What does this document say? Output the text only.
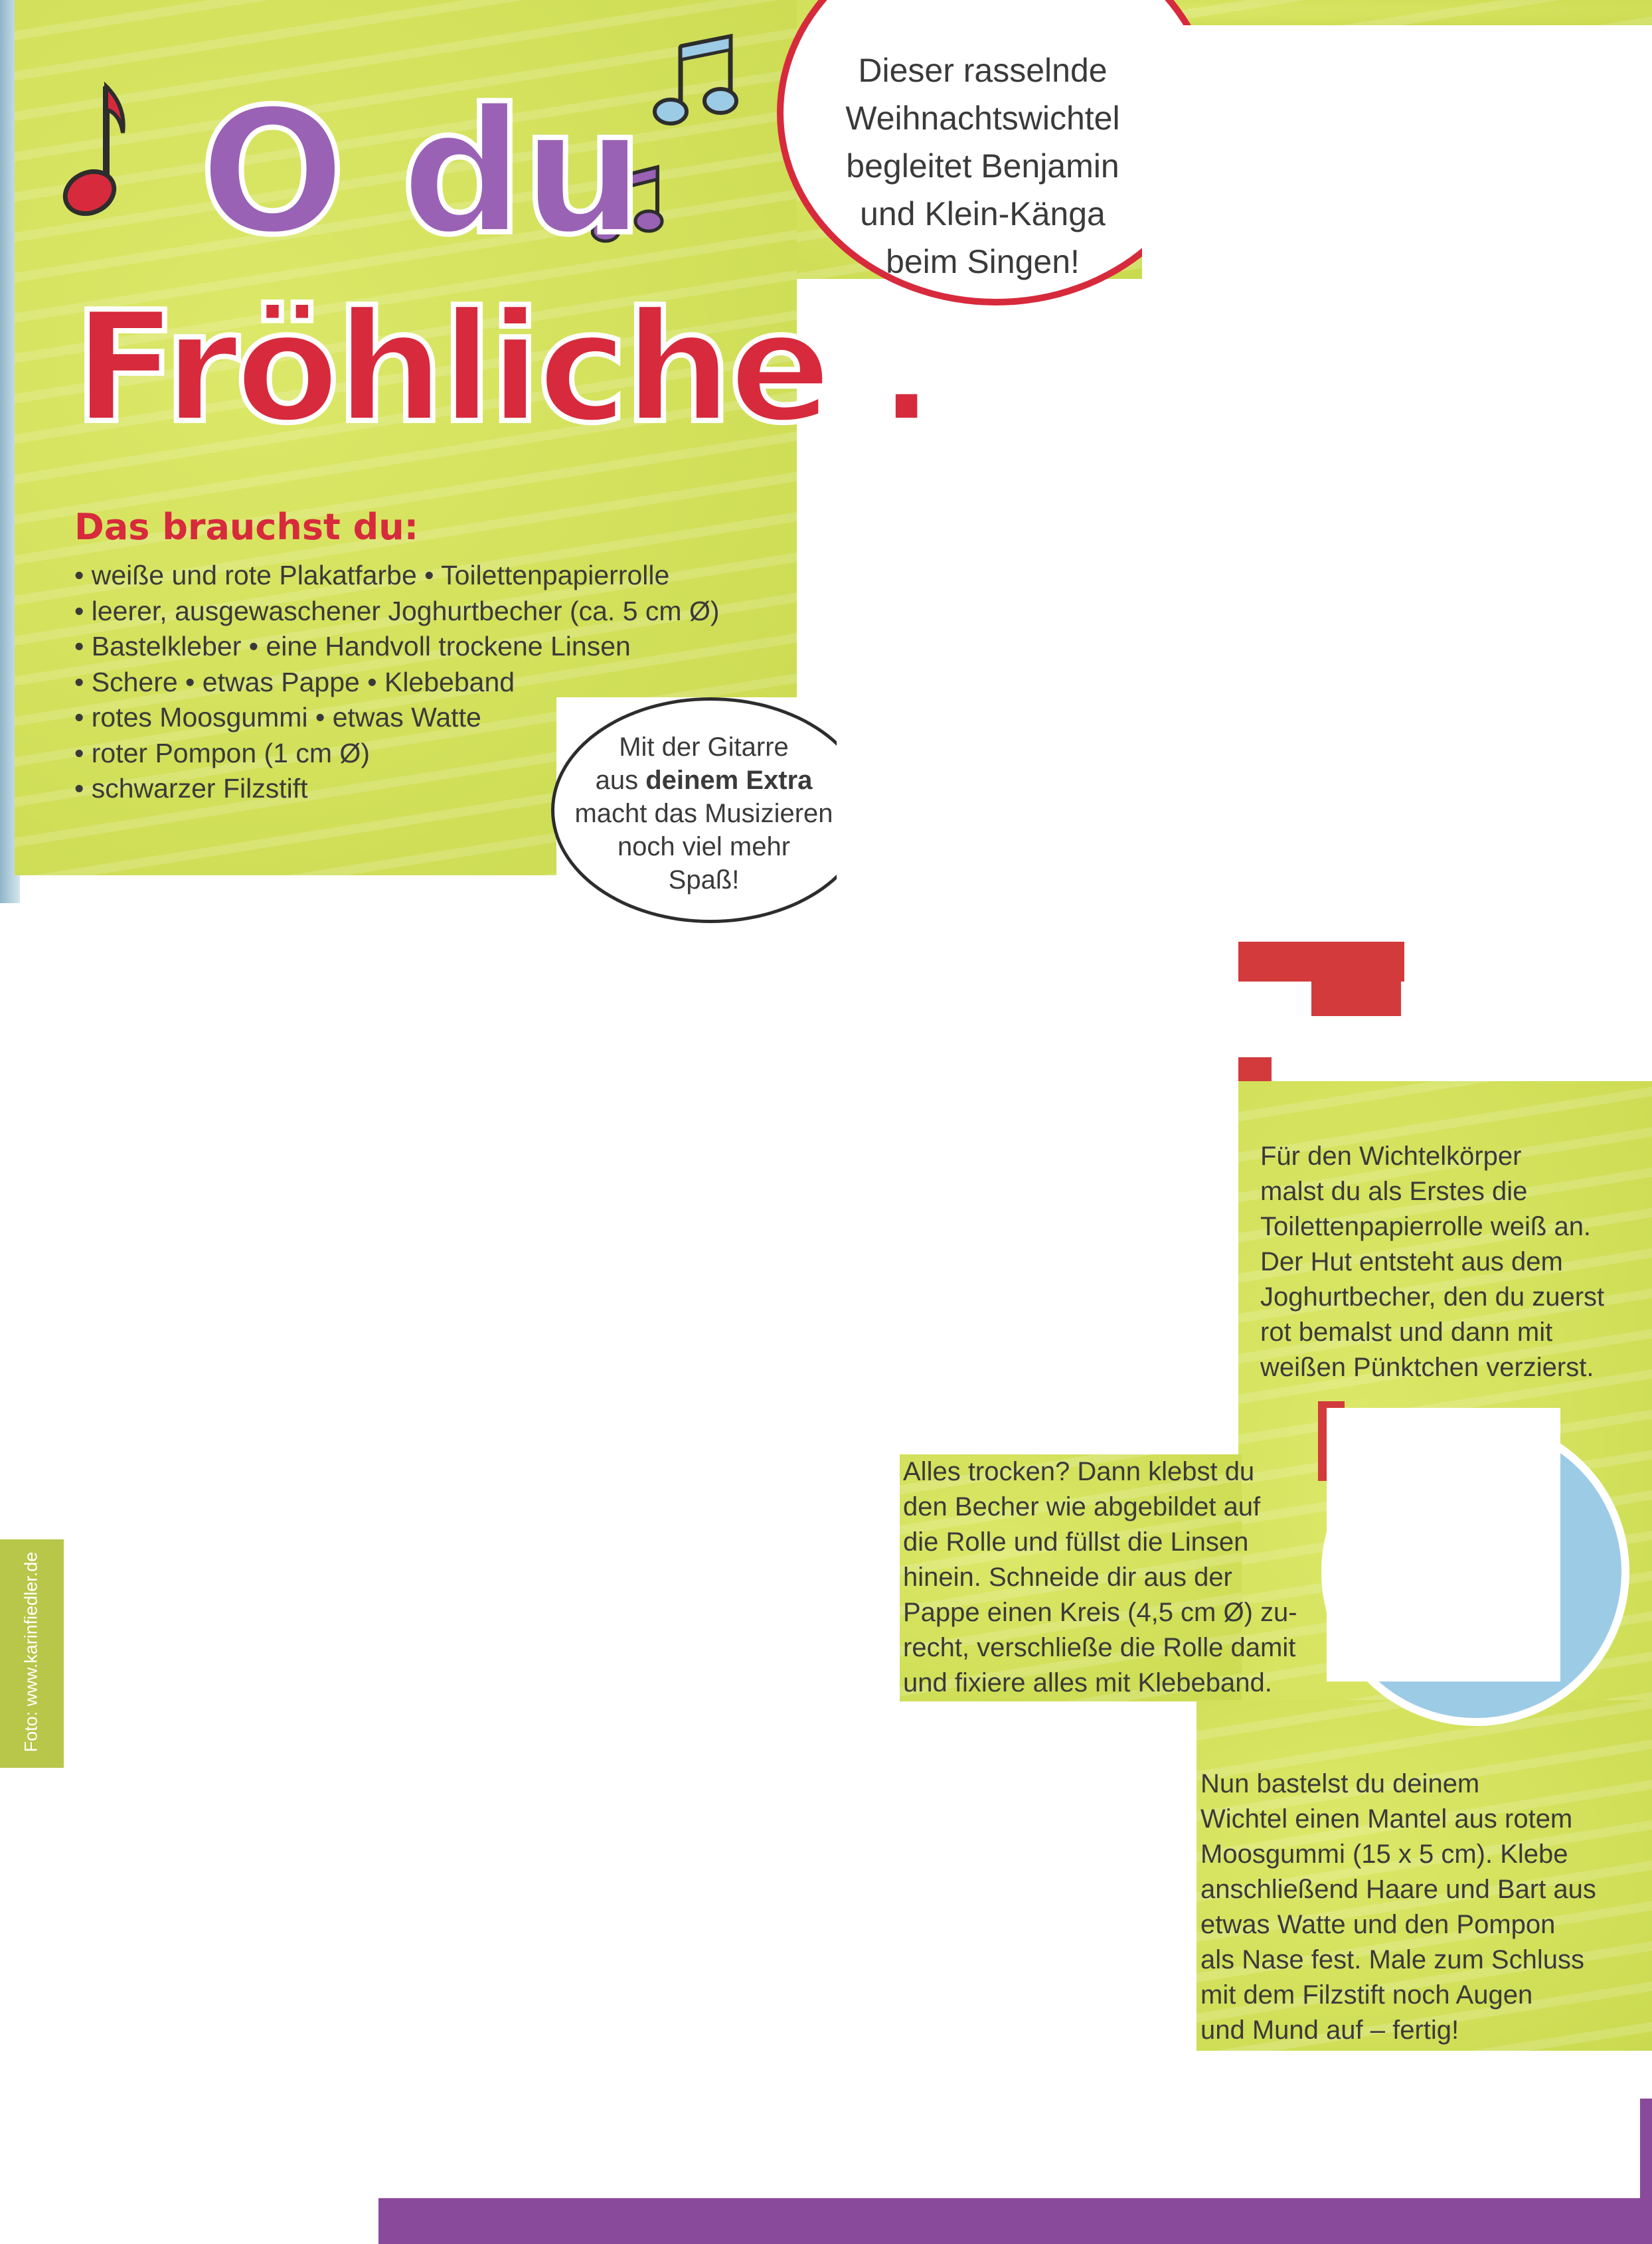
Dieser rasselnde
Weihnachtswichtel
begleitet Benjamin
und Klein-Känga
beim Singen!
O du
Fröhliche .
Das brauchst du:
• weiße und rote Plakatfarbe • Toilettenpapierrolle
• leerer, ausgewaschener Joghurtbecher (ca. 5 cm Ø)
• Bastelkleber • eine Handvoll trockene Linsen
• Schere • etwas Pappe • Klebeband
• rotes Moosgummi • etwas Watte
• roter Pompon (1 cm Ø)
• schwarzer Filzstift
Mit der Gitarre
aus deinem Extra
macht das Musizieren
noch viel mehr
Spaß!
Für den Wichtelkörper
malst du als Erstes die
Toilettenpapierrolle weiß an.
Der Hut entsteht aus dem
Joghurtbecher, den du zuerst
rot bemalst und dann mit
weißen Pünktchen verzierst.
Alles trocken? Dann klebst du
den Becher wie abgebildet auf
die Rolle und füllst die Linsen
hinein. Schneide dir aus der
Pappe einen Kreis (4,5 cm Ø) zu-
recht, verschließe die Rolle damit
und fixiere alles mit Klebeband.
Nun bastelst du deinem
Wichtel einen Mantel aus rotem
Moosgummi (15 x 5 cm). Klebe
anschließend Haare und Bart aus
etwas Watte und den Pompon
als Nase fest. Male zum Schluss
mit dem Filzstift noch Augen
und Mund auf – fertig!
Foto: www.karinfiedler.de
